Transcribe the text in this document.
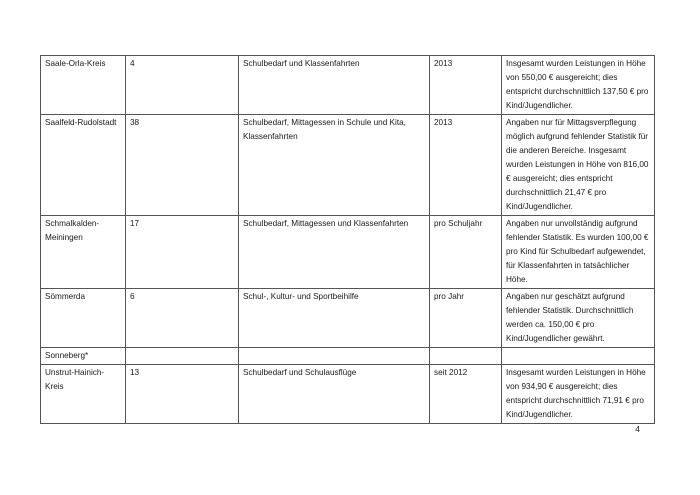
Saale-Orla-Kreis	4	Schulbedarf und Klassenfahrten	2013	Insgesamt wurden Leistungen in Höhe von 550,00 € ausgereicht; dies entspricht durchschnittlich 137,50 € pro Kind/Jugendlicher.
Saalfeld-Rudolstadt	38	Schulbedarf, Mittagessen in Schule und Kita, Klassenfahrten	2013	Angaben nur für Mittagsverpflegung möglich aufgrund fehlender Statistik für die anderen Bereiche. Insgesamt wurden Leistungen in Höhe von 816,00 € ausgereicht; dies entspricht durchschnittlich 21,47 € pro Kind/Jugendlicher.
Schmalkalden-Meiningen	17	Schulbedarf, Mittagessen und Klassenfahrten	pro Schuljahr	Angaben nur unvollständig aufgrund fehlender Statistik. Es wurden 100,00 € pro Kind für Schulbedarf aufgewendet, für Klassenfahrten in tatsächlicher Höhe.
Sömmerda	6	Schul-, Kultur- und Sportbeihilfe	pro Jahr	Angaben nur geschätzt aufgrund fehlender Statistik. Durchschnittlich werden ca. 150,00 € pro Kind/Jugendlicher gewährt.
Sonneberg*				
Unstrut-Hainich-Kreis	13	Schulbedarf und Schulausflüge	seit 2012	Insgesamt wurden Leistungen in Höhe von 934,90 € ausgereicht; dies entspricht durchschnittlich 71,91 € pro Kind/Jugendlicher.
4
